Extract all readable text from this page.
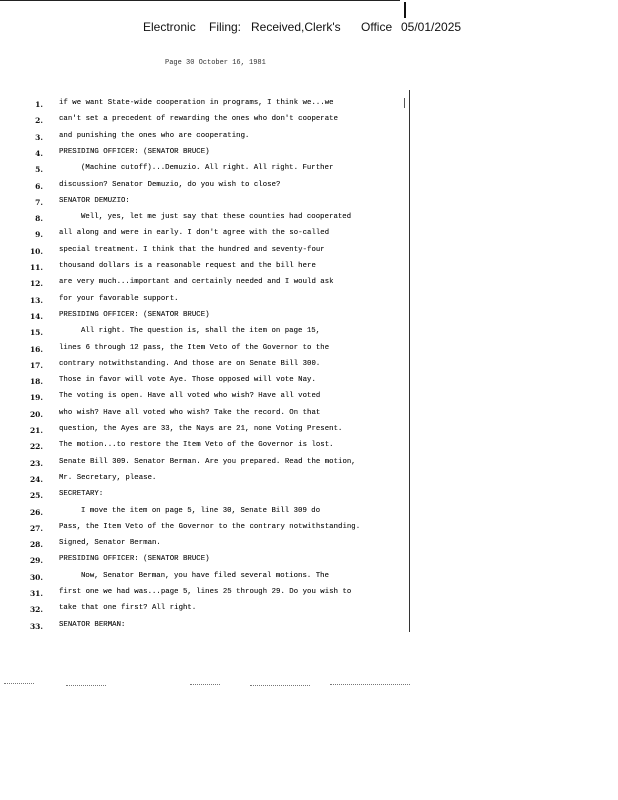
Electronic Filing: Received,Clerk's Office 05/01/2025
Page 30 October 16, 1981
1. if we want State-wide cooperation in programs, I think we...we
2. can't set a precedent of rewarding the ones who don't cooperate
3. and punishing the ones who are cooperating.
4. PRESIDING OFFICER: (SENATOR BRUCE)
5.	(Machine cutoff)...Demuzio. All right. All right. Further
6. discussion? Senator Demuzio, do you wish to close?
7. SENATOR DEMUZIO:
8.	Well, yes, let me just say that these counties had cooperated
9. all along and were in early. I don't agree with the so-called
10. special treatment. I think that the hundred and seventy-four
11. thousand dollars is a reasonable request and the bill here
12. are very much...important and certainly needed and I would ask
13. for your favorable support.
14. PRESIDING OFFICER: (SENATOR BRUCE)
15.	All right. The question is, shall the item on page 15,
16. lines 6 through 12 pass, the Item Veto of the Governor to the
17. contrary notwithstanding. And those are on Senate Bill 300.
18. Those in favor will vote Aye. Those opposed will vote Nay.
19. The voting is open. Have all voted who wish? Have all voted
20. who wish? Have all voted who wish? Take the record. On that
21. question, the Ayes are 33, the Nays are 21, none Voting Present.
22. The motion...to restore the Item Veto of the Governor is lost.
23. Senate Bill 309. Senator Berman. Are you prepared. Read the motion,
24. Mr. Secretary, please.
25. SECRETARY:
26.	I move the item on page 5, line 30, Senate Bill 309 do
27. Pass, the Item Veto of the Governor to the contrary notwithstanding.
28. Signed, Senator Berman.
29. PRESIDING OFFICER: (SENATOR BRUCE)
30.	Now, Senator Berman, you have filed several motions. The
31. first one we had was...page 5, lines 25 through 29. Do you wish to
32. take that one first? All right.
33. SENATOR BERMAN:
